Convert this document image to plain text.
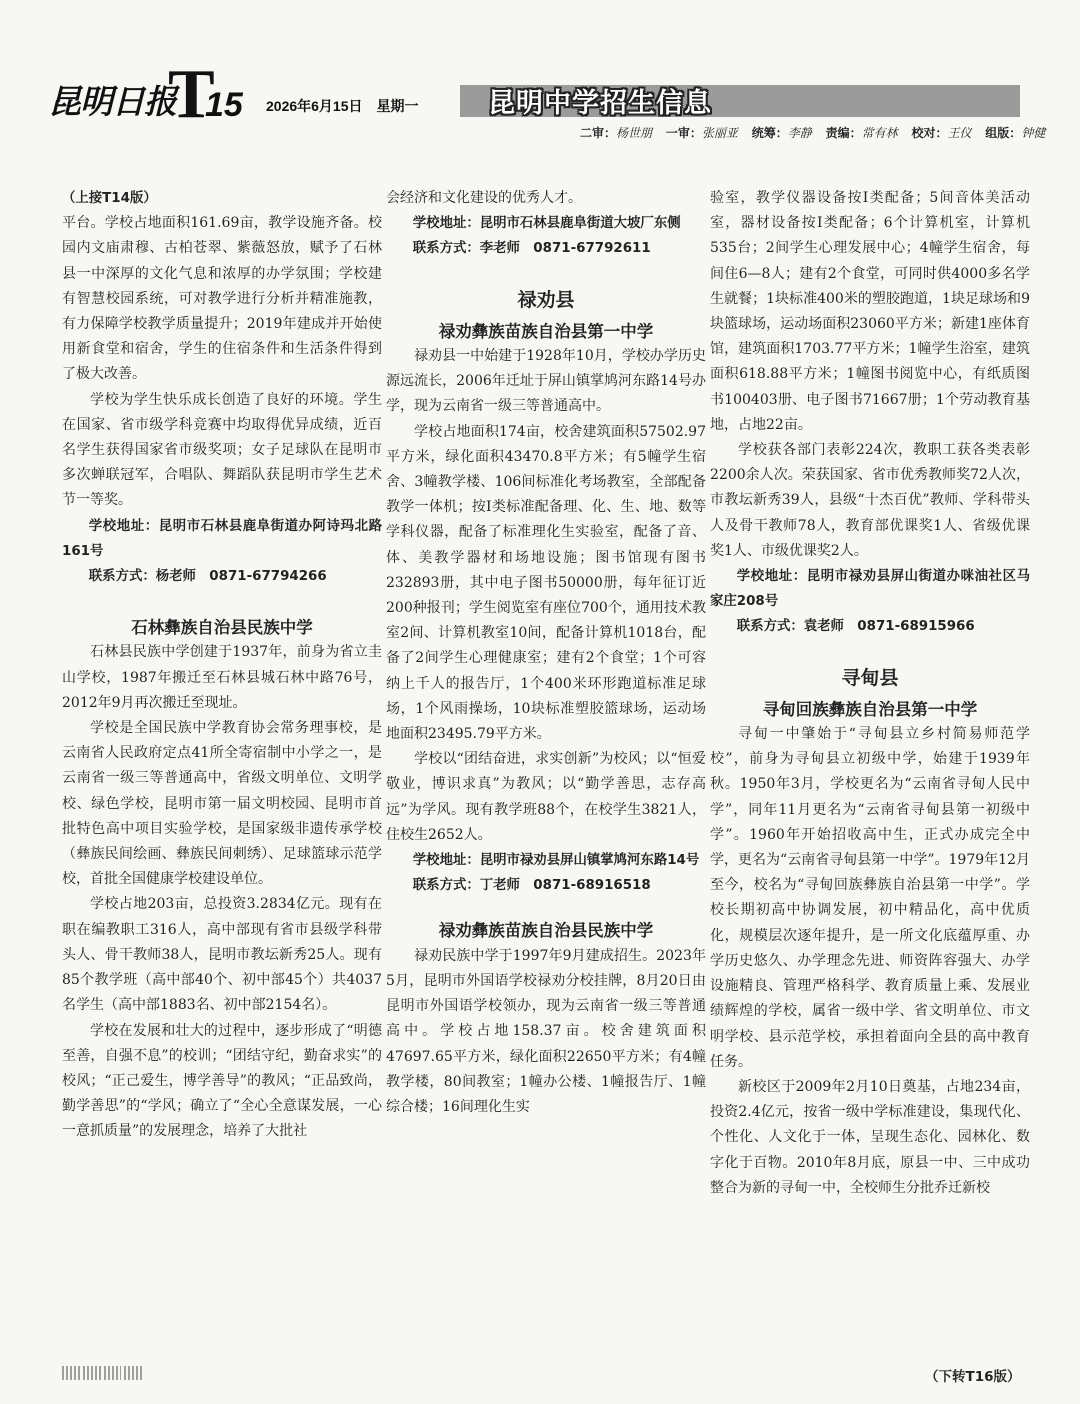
昆明日报
T
15 2026年6月15日　星期一	昆明中学招生信息
二审：杨世朋 一审：张丽亚 统筹：李静 责编：常有林 校对：王仪 组版：钟健
（上接T14版）

平台。学校占地面积161.69亩，教学设施齐备。校园内文庙肃穆、古柏苍翠、紫薇怒放，赋予了石林县一中深厚的文化气息和浓厚的办学氛围；学校建有智慧校园系统，可对教学进行分析并精准施教，有力保障学校教学质量提升；2019年建成并开始使用新食堂和宿舍，学生的住宿条件和生活条件得到了极大改善。

学校为学生快乐成长创造了良好的环境。学生在国家、省市级学科竞赛中均取得优异成绩，近百名学生获得国家省市级奖项；女子足球队在昆明市多次蝉联冠军，合唱队、舞蹈队获昆明市学生艺术节一等奖。

学校地址：昆明市石林县鹿阜街道办阿诗玛北路161号

联系方式：杨老师　0871-67794266

石林彝族自治县民族中学

石林县民族中学创建于1937年，前身为省立圭山学校，1987年搬迁至石林县城石林中路76号，2012年9月再次搬迁至现址。

学校是全国民族中学教育协会常务理事校，是云南省人民政府定点41所全寄宿制中小学之一，是云南省一级三等普通高中，省级文明单位、文明学校、绿色学校，昆明市第一届文明校园、昆明市首批特色高中项目实验学校，是国家级非遗传承学校（彝族民间绘画、彝族民间刺绣）、足球篮球示范学校，首批全国健康学校建设单位。

学校占地203亩，总投资3.2834亿元。现有在职在编教职工316人，高中部现有省市县级学科带头人、骨干教师38人，昆明市教坛新秀25人。现有85个教学班（高中部40个、初中部45个）共4037名学生（高中部1883名、初中部2154名）。

学校在发展和壮大的过程中，逐步形成了“明德至善，自强不息”的校训；“团结守纪，勤奋求实”的校风；“正己爱生，博学善导”的教风；“正品致尚，勤学善思”的“学风；确立了“全心全意谋发展，一心一意抓质量”的发展理念，培养了大批社

会经济和文化建设的优秀人才。

学校地址：昆明市石林县鹿阜街道大坡厂东侧

联系方式：李老师　0871-67792611

禄劝县
禄劝彝族苗族自治县第一中学

禄劝县一中始建于1928年10月，学校办学历史源远流长，2006年迁址于屏山镇掌鸠河东路14号办学，现为云南省一级三等普通高中。

学校占地面积174亩，校舍建筑面积57502.97平方米，绿化面积43470.8平方米；有5幢学生宿舍、3幢教学楼、106间标准化考场教室，全部配备教学一体机；按Ⅰ类标准配备理、化、生、地、数等学科仪器，配备了标准理化生实验室，配备了音、体、美教学器材和场地设施；图书馆现有图书232893册，其中电子图书50000册，每年征订近200种报刊；学生阅览室有座位700个，通用技术教室2间、计算机教室10间，配备计算机1018台，配备了2间学生心理健康室；建有2个食堂；1个可容纳上千人的报告厅，1个400米环形跑道标准足球场，1个风雨操场，10块标准塑胶篮球场，运动场地面积23495.79平方米。

学校以“团结奋进，求实创新”为校风；以“恒爱敬业，博识求真”为教风；以“勤学善思，志存高远”为学风。现有教学班88个，在校学生3821人，住校生2652人。

学校地址：昆明市禄劝县屏山镇掌鸠河东路14号

联系方式：丁老师　0871-68916518

禄劝彝族苗族自治县民族中学

禄劝民族中学于1997年9月建成招生。2023年5月，昆明市外国语学校禄劝分校挂牌，8月20日由昆明市外国语学校领办，现为云南省一级三等普通高中。学校占地158.37亩。校舍建筑面积47697.65平方米，绿化面积22650平方米；有4幢教学楼，80间教室；1幢办公楼、1幢报告厅、1幢综合楼；16间理化生实

验室，教学仪器设备按Ⅰ类配备；5间音体美活动室，器材设备按Ⅰ类配备；6个计算机室，计算机535台；2间学生心理发展中心；4幢学生宿舍，每间住6—8人；建有2个食堂，可同时供4000多名学生就餐；1块标准400米的塑胶跑道，1块足球场和9块篮球场，运动场面积23060平方米；新建1座体育馆，建筑面积1703.77平方米；1幢学生浴室，建筑面积618.88平方米；1幢图书阅览中心，有纸质图书100403册、电子图书71667册；1个劳动教育基地，占地22亩。

学校获各部门表彰224次，教职工获各类表彰2200余人次。荣获国家、省市优秀教师奖72人次，市教坛新秀39人，县级“十杰百优”教师、学科带头人及骨干教师78人，教育部优课奖1人、省级优课奖1人、市级优课奖2人。

学校地址：昆明市禄劝县屏山街道办咪油社区马家庄208号

联系方式：袁老师　0871-68915966

寻甸县
寻甸回族彝族自治县第一中学

寻甸一中肇始于“寻甸县立乡村简易师范学校”，前身为寻甸县立初级中学，始建于1939年秋。1950年3月，学校更名为“云南省寻甸人民中学”，同年11月更名为“云南省寻甸县第一初级中学”。1960年开始招收高中生，正式办成完全中学，更名为“云南省寻甸县第一中学”。1979年12月至今，校名为“寻甸回族彝族自治县第一中学”。学校长期初高中协调发展，初中精品化，高中优质化，规模层次逐年提升，是一所文化底蕴厚重、办学历史悠久、办学理念先进、师资阵容强大、办学设施精良、管理严格科学、教育质量上乘、发展业绩辉煌的学校，属省一级中学、省文明单位、市文明学校、县示范学校，承担着面向全县的高中教育任务。

新校区于2009年2月10日奠基，占地234亩，投资2.4亿元，按省一级中学标准建设，集现代化、个性化、人文化于一体，呈现生态化、园林化、数字化于百物。2010年8月底，原县一中、三中成功整合为新的寻甸一中，全校师生分批乔迁新校

（下转T16版）
